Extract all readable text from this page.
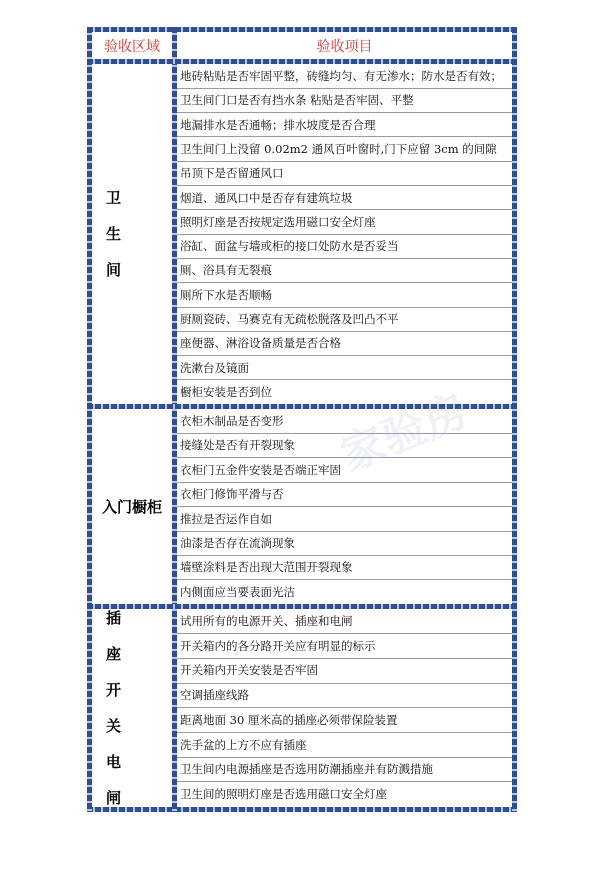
验收区域	验收项目
卫 生 间
入门橱柜
插 座
开 关
电 闸
家验房
地砖粘贴是否牢固平整，砖缝均匀、有无渗水；防水是否有效；
卫生间门口是否有挡水条 粘贴是否牢固、平整
地漏排水是否通畅；排水坡度是否合理
卫生间门上没留 0.02m2 通风百叶窗时,门下应留 3cm 的间隙
吊顶下是否留通风口
烟道、通风口中是否存有建筑垃圾
照明灯座是否按规定选用磁口安全灯座
浴缸、面盆与墙或柜的接口处防水是否妥当
厕、浴具有无裂痕
厕所下水是否顺畅
厨厕瓷砖、马赛克有无疏松脱落及凹凸不平
座便器、淋浴设备质量是否合格
洗漱台及镜面
橱柜安装是否到位
衣柜木制品是否变形
接缝处是否有开裂现象
衣柜门五金件安装是否端正牢固
衣柜门修饰平滑与否
推拉是否运作自如
油漆是否存在流淌现象
墙壁涂料是否出现大范围开裂现象
内侧面应当要表面光洁
试用所有的电源开关、插座和电闸
开关箱内的各分路开关应有明显的标示
开关箱内开关安装是否牢固
空调插座线路
距离地面 30 厘米高的插座必须带保险装置
洗手盆的上方不应有插座
卫生间内电源插座是否选用防潮插座并有防溅措施
卫生间的照明灯座是否选用磁口安全灯座
